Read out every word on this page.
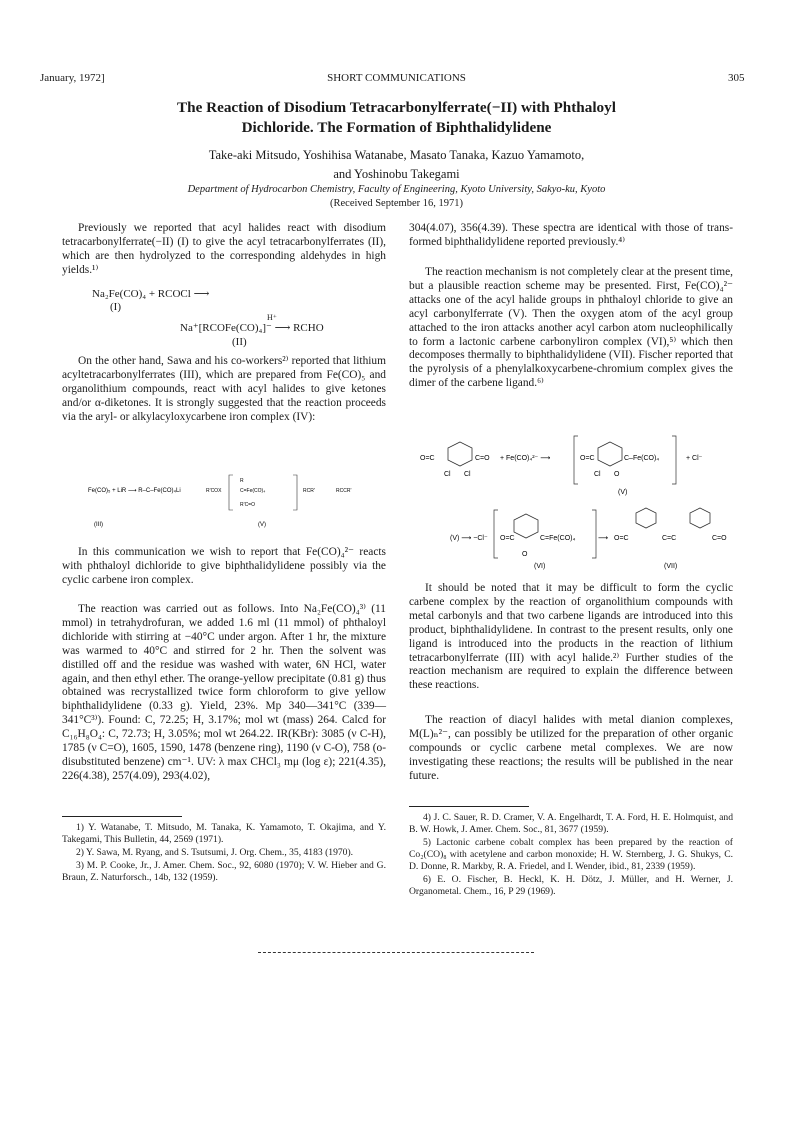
January, 1972]	SHORT COMMUNICATIONS	305
The Reaction of Disodium Tetracarbonylferrate(−II) with Phthaloyl
Dichloride. The Formation of Biphthalidylidene
Take-aki Mitsudo, Yoshihisa Watanabe, Masato Tanaka, Kazuo Yamamoto,
and Yoshinobu Takegami
Department of Hydrocarbon Chemistry, Faculty of Engineering, Kyoto University, Sakyo-ku, Kyoto
(Received September 16, 1971)

Previously we reported that acyl halides react with disodium tetracarbonylferrate(−II) (I) to give the acyl tetracarbonylferrates (II), which are then hydrolyzed to the corresponding aldehydes in high yields.¹⁾

Na₂Fe(CO)₄ + RCOCl ⟶
(I)
H⁺
Na⁺[RCOFe(CO)₄]⁻ ⟶ RCHO
(II)

On the other hand, Sawa and his co-workers²⁾ reported that lithium acyltetracarbonylferrates (III), which are prepared from Fe(CO)₅ and organolithium compounds, react with acyl halides to give ketones and/or α-diketones. It is strongly suggested that the reaction proceeds via the aryl- or alkylacyloxycarbene iron complex (IV):

Fe(CO)₅ + LiR ⟶ R–C–Fe(CO)₄Li	R'COX
R
C=Fe(CO)₄
R'C=O
RCR'	RCCR'
(III)	(V)

In this communication we wish to report that Fe(CO)₄²⁻ reacts with phthaloyl dichloride to give biphthalidylidene possibly via the cyclic carbene iron complex.

The reaction was carried out as follows. Into Na₂Fe(CO)₄³⁾ (11 mmol) in tetrahydrofuran, we added 1.6 ml (11 mmol) of phthaloyl dichloride with stirring at −40°C under argon. After 1 hr, the mixture was warmed to 40°C and stirred for 2 hr. Then the solvent was distilled off and the residue was washed with water, 6N HCl, water again, and then ethyl ether. The orange-yellow precipitate (0.81 g) thus obtained was recrystallized twice form chloroform to give yellow biphthalidylidene (0.33 g). Yield, 23%. Mp 340—341°C (339—341°C³⁾). Found: C, 72.25; H, 3.17%; mol wt (mass) 264. Calcd for C₁₆H₈O₄: C, 72.73; H, 3.05%; mol wt 264.22. IR(KBr): 3085 (ν C-H), 1785 (ν C=O), 1605, 1590, 1478 (benzene ring), 1190 (ν C-O), 758 (o-disubstituted benzene) cm⁻¹. UV: λ max CHCl₃ mμ (log ε); 221(4.35), 226(4.38), 257(4.09), 293(4.02),

1) Y. Watanabe, T. Mitsudo, M. Tanaka, K. Yamamoto, T. Okajima, and Y. Takegami, This Bulletin, 44, 2569 (1971).

2) Y. Sawa, M. Ryang, and S. Tsutsumi, J. Org. Chem., 35, 4183 (1970).

3) M. P. Cooke, Jr., J. Amer. Chem. Soc., 92, 6080 (1970); V. W. Hieber and G. Braun, Z. Naturforsch., 14b, 132 (1959).

304(4.07), 356(4.39). These spectra are identical with those of trans-formed biphthalidylidene reported previously.⁴⁾

The reaction mechanism is not completely clear at the present time, but a plausible reaction scheme may be presented. First, Fe(CO)₄²⁻ attacks one of the acyl halide groups in phthaloyl chloride to give an acyl carbonylferrate (V). Then the oxygen atom of the acyl group attached to the iron attacks another acyl carbon atom nucleophilically to form a lactonic carbene carbonyliron complex (VI),⁵⁾ which then decomposes thermally to biphthalidylidene (VII). Fischer reported that the pyrolysis of a phenylalkoxycarbene-chromium complex gives the dimer of the carbene ligand.⁶⁾

O=C	C=O
Cl Cl
+ Fe(CO)₄²⁻ ⟶	O=C	C–Fe(CO)₄
Cl O
+ Cl⁻
(V)
(V) ⟶ −Cl⁻ O=C	C=Fe(CO)₄
O
⟶ O=C	C=C	C=O
(VI)	(VII)

It should be noted that it may be difficult to form the cyclic carbene complex by the reaction of organolithium compounds with metal carbonyls and that two carbene ligands are introduced into this product, biphthalidylidene. In contrast to the present results, only one ligand is introduced into the products in the reaction of lithium tetracarbonylferrate (III) with acyl halide.²⁾ Further studies of the reaction mechanism are required to explain the difference between these reactions.

The reaction of diacyl halides with metal dianion complexes, M(L)ₙ²⁻, can possibly be utilized for the preparation of other organic compounds or cyclic carbene metal complexes. We are now investigating these reactions; the results will be published in the near future.

4) J. C. Sauer, R. D. Cramer, V. A. Engelhardt, T. A. Ford, H. E. Holmquist, and B. W. Howk, J. Amer. Chem. Soc., 81, 3677 (1959).

5) Lactonic carbene cobalt complex has been prepared by the reaction of Co₂(CO)₈ with acetylene and carbon monoxide; H. W. Sternberg, J. G. Shukys, C. D. Donne, R. Markby, R. A. Friedel, and I. Wender, ibid., 81, 2339 (1959).

6) E. O. Fischer, B. Heckl, K. H. Dötz, J. Müller, and H. Werner, J. Organometal. Chem., 16, P 29 (1969).
